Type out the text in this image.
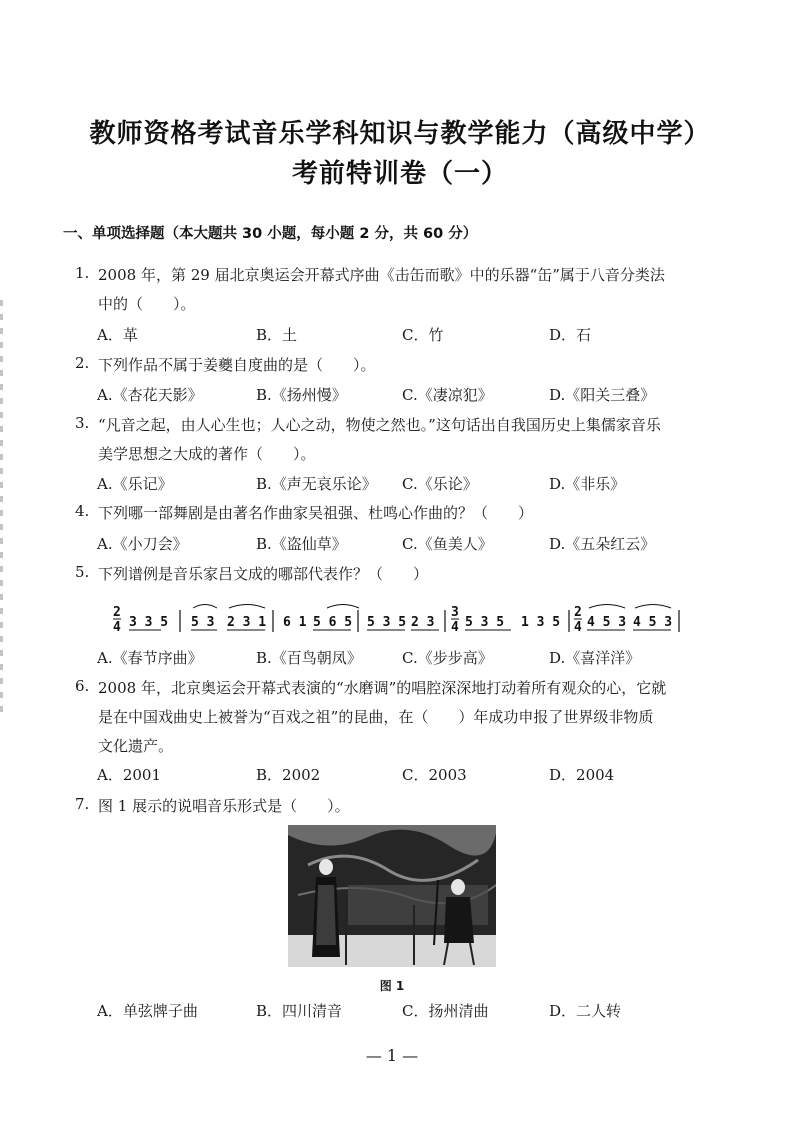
教师资格考试音乐学科知识与教学能力（高级中学）
考前特训卷（一）
一、单项选择题（本大题共 30 小题，每小题 2 分，共 60 分）
1. 2008 年，第 29 届北京奥运会开幕式序曲《击缶而歌》中的乐器“缶”属于八音分类法
中的（　　）。
A．革	B．土	C．竹	D．石
2. 下列作品不属于姜夔自度曲的是（　　）。
A.《杏花天影》	B.《扬州慢》	C.《凄凉犯》	D.《阳关三叠》
3. “凡音之起，由人心生也；人心之动，物使之然也。”这句话出自我国历史上集儒家音乐
美学思想之大成的著作（　　）。
A.《乐记》	B.《声无哀乐论》 C.《乐论》	D.《非乐》
4. 下列哪一部舞剧是由著名作曲家吴祖强、杜鸣心作曲的？（　　）
A.《小刀会》	B.《盗仙草》	C.《鱼美人》	D.《五朵红云》
5. 下列谱例是音乐家吕文成的哪部代表作？（　　）
2
4 3 3 5 5 3 2 3 1 6 1 5 6 5 5 3 5 2 3
3
4 5 3 5 1 3 5
2
4 4 5 3 4 5 3
A.《春节序曲》	B.《百鸟朝凤》	C.《步步高》	D.《喜洋洋》
6. 2008 年，北京奥运会开幕式表演的“水磨调”的唱腔深深地打动着所有观众的心，它就
是在中国戏曲史上被誉为“百戏之祖”的昆曲，在（　　）年成功申报了世界级非物质
文化遗产。
A．2001	B．2002	C．2003	D．2004
7. 图 1 展示的说唱音乐形式是（　　）。
图 1
A．单弦牌子曲	B．四川清音	C．扬州清曲	D．二人转
— 1 —
